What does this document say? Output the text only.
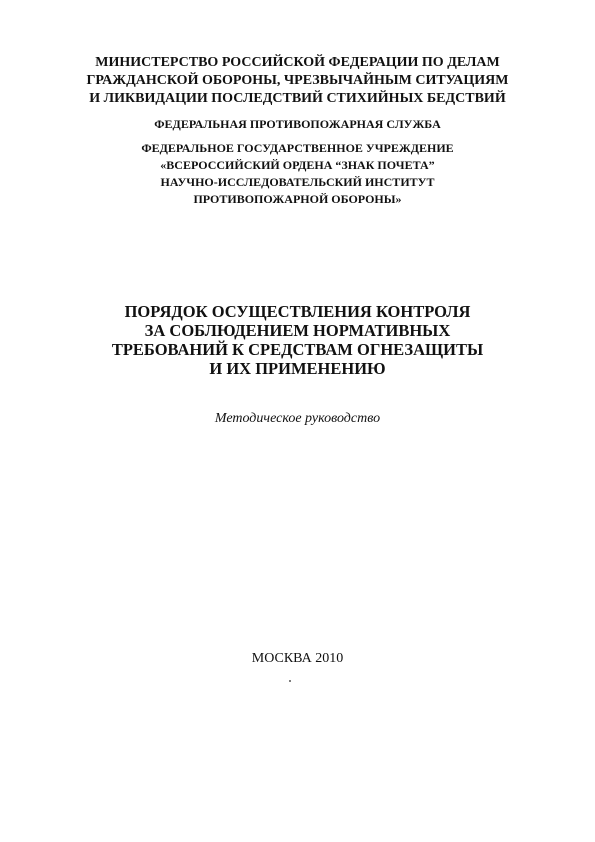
МИНИСТЕРСТВО РОССИЙСКОЙ ФЕДЕРАЦИИ ПО ДЕЛАМ
ГРАЖДАНСКОЙ ОБОРОНЫ, ЧРЕЗВЫЧАЙНЫМ СИТУАЦИЯМ
И ЛИКВИДАЦИИ ПОСЛЕДСТВИЙ СТИХИЙНЫХ БЕДСТВИЙ
ФЕДЕРАЛЬНАЯ ПРОТИВОПОЖАРНАЯ СЛУЖБА
ФЕДЕРАЛЬНОЕ ГОСУДАРСТВЕННОЕ УЧРЕЖДЕНИЕ
«ВСЕРОССИЙСКИЙ ОРДЕНА “ЗНАК ПОЧЕТА”
НАУЧНО-ИССЛЕДОВАТЕЛЬСКИЙ ИНСТИТУТ
ПРОТИВОПОЖАРНОЙ ОБОРОНЫ»
ПОРЯДОК ОСУЩЕСТВЛЕНИЯ КОНТРОЛЯ
ЗА СОБЛЮДЕНИЕМ НОРМАТИВНЫХ
ТРЕБОВАНИЙ К СРЕДСТВАМ ОГНЕЗАЩИТЫ
И ИХ ПРИМЕНЕНИЮ
Методическое руководство
МОСКВА 2010
